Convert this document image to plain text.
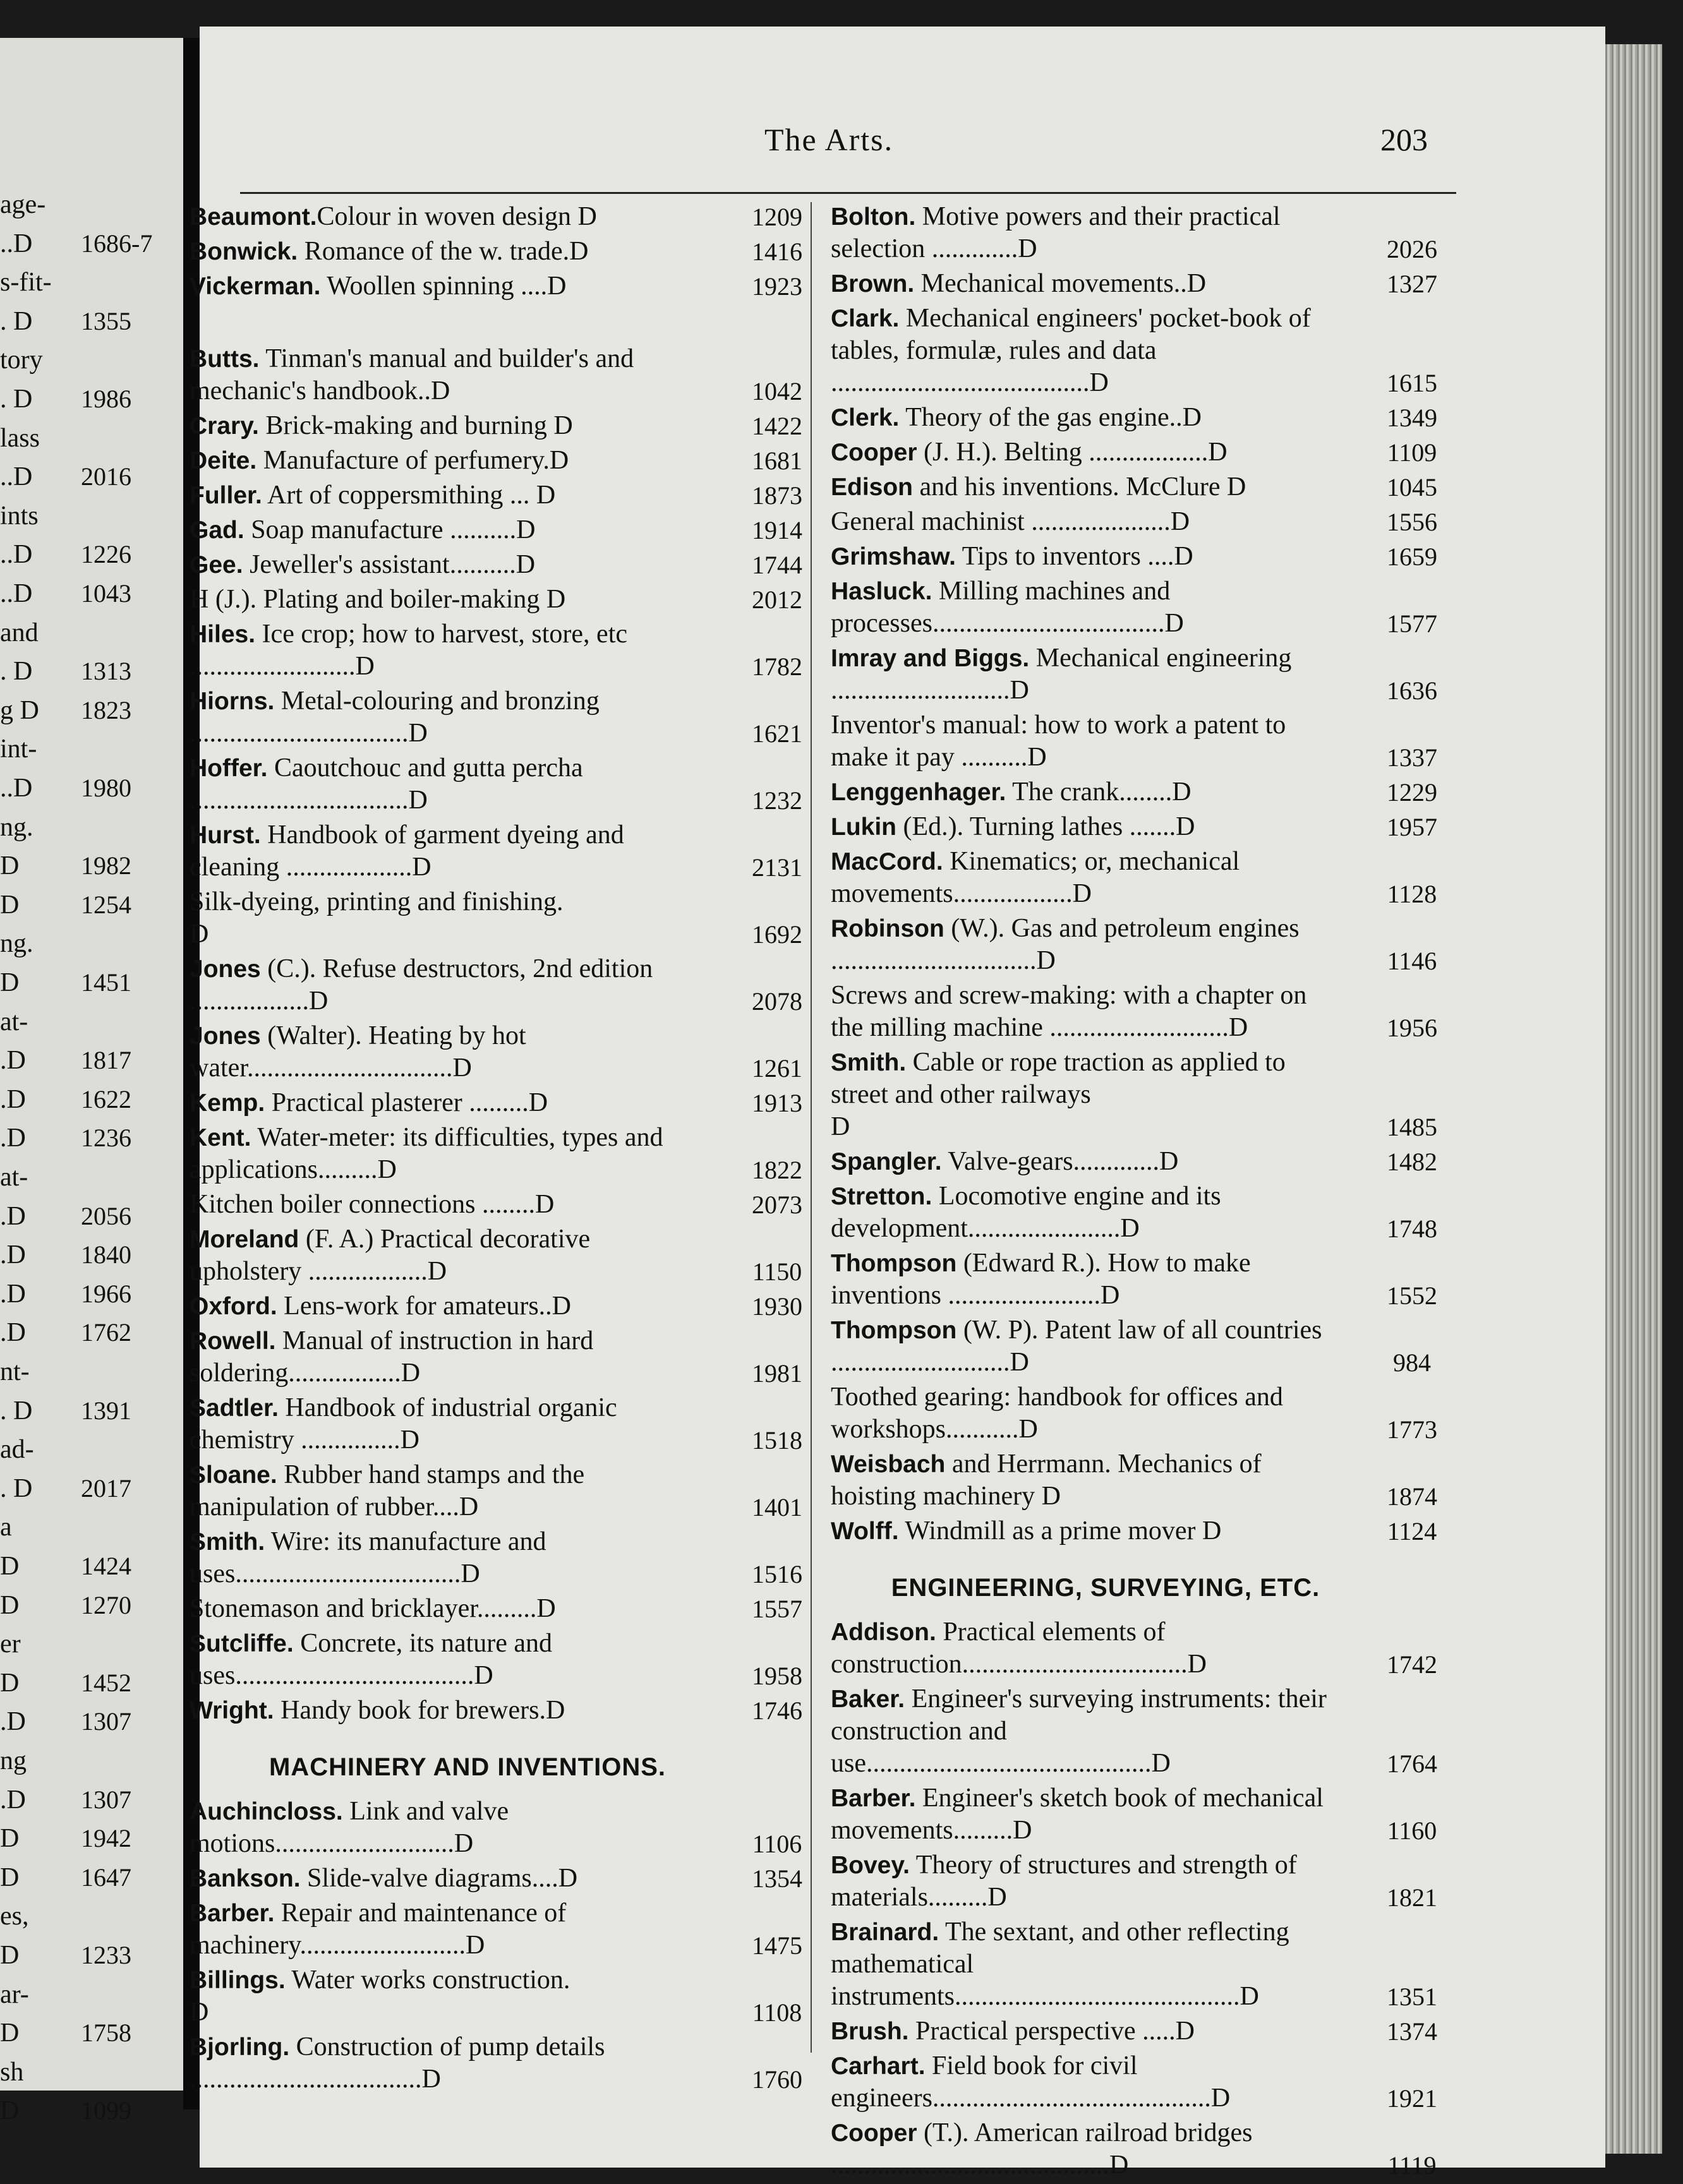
age-
..D 1686-7
s-fit-
. D 1355
tory
. D 1986
lass
..D 2016
ints
..D 1226
..D 1043
and
. D 1313
g D 1823
int-
..D 1980
ng.
D 1982
D 1254
ng.
D 1451
at-
.D 1817
.D 1622
.D 1236
at-
.D 2056
.D 1840
.D 1966
.D 1762
nt-
. D 1391
ad-
. D 2017
a
D 1424
D 1270
er
D 1452
.D 1307
ng
.D 1307
D 1942
D 1647
es,
D 1233
ar-
D 1758
sh
D 1099
The Arts.	203
Beaumont.Colour in woven design D	1209
Bonwick. Romance of the w. trade.D	1416
Vickerman. Woollen spinning ....D	1923
Butts. Tinman's manual and builder's and mechanic's handbook..D	1042
Crary. Brick-making and burning D	1422
Deite. Manufacture of perfumery.D	1681
Fuller. Art of coppersmithing ... D	1873
Gad. Soap manufacture ..........D	1914
Gee. Jeweller's assistant..........D	1744
H (J.). Plating and boiler-making D	2012
Hiles. Ice crop; how to harvest, store, etc .........................D	1782
Hiorns. Metal-colouring and bronzing .................................D	1621
Hoffer. Caoutchouc and gutta percha .................................D	1232
Hurst. Handbook of garment dyeing and cleaning ...................D	2131
Silk-dyeing, printing and finishing.
D	1692
Jones (C.). Refuse destructors, 2nd edition ..................D	2078
Jones (Walter). Heating by hot water...............................D	1261
Kemp. Practical plasterer .........D	1913
Kent. Water-meter: its difficulties, types and applications.........D	1822
Kitchen boiler connections ........D	2073
Moreland (F. A.) Practical decorative upholstery ..................D	1150
Oxford. Lens-work for amateurs..D	1930
Rowell. Manual of instruction in hard soldering.................D	1981
Sadtler. Handbook of industrial organic chemistry ...............D	1518
Sloane. Rubber hand stamps and the manipulation of rubber....D	1401
Smith. Wire: its manufacture and uses..................................D	1516
Stonemason and bricklayer.........D	1557
Sutcliffe. Concrete, its nature and uses....................................D	1958
Wright. Handy book for brewers.D	1746
MACHINERY AND INVENTIONS.
Auchincloss. Link and valve motions...........................D	1106
Bankson. Slide-valve diagrams....D	1354
Barber. Repair and maintenance of machinery.........................D	1475
Billings. Water works construction.
D	1108
Bjorling. Construction of pump details ...................................D	1760
Bolton. Motive powers and their practical selection .............D	2026
Brown. Mechanical movements..D	1327
Clark. Mechanical engineers' pocket-book of tables, formulæ, rules and data .......................................D	1615
Clerk. Theory of the gas engine..D	1349
Cooper (J. H.). Belting ..................D	1109
Edison and his inventions. McClure D	1045
General machinist .....................D	1556
Grimshaw. Tips to inventors ....D	1659
Hasluck. Milling machines and processes...................................D	1577
Imray and Biggs. Mechanical engineering ...........................D	1636
Inventor's manual: how to work a patent to make it pay ..........D	1337
Lenggenhager. The crank........D	1229
Lukin (Ed.). Turning lathes .......D	1957
MacCord. Kinematics; or, mechanical movements..................D	1128
Robinson (W.). Gas and petroleum engines ...............................D	1146
Screws and screw-making: with a chapter on the milling machine ...........................D	1956
Smith. Cable or rope traction as applied to street and other railways
D	1485
Spangler. Valve-gears.............D	1482
Stretton. Locomotive engine and its development.......................D	1748
Thompson (Edward R.). How to make inventions .......................D	1552
Thompson (W. P). Patent law of all countries ...........................D	984
Toothed gearing: handbook for offices and workshops...........D	1773
Weisbach and Herrmann. Mechanics of hoisting machinery D	1874
Wolff. Windmill as a prime mover D	1124
ENGINEERING, SURVEYING, ETC.
Addison. Practical elements of construction..................................D	1742
Baker. Engineer's surveying instruments: their construction and use...........................................D	1764
Barber. Engineer's sketch book of mechanical movements.........D	1160
Bovey. Theory of structures and strength of materials.........D	1821
Brainard. The sextant, and other reflecting mathematical instruments...........................................D	1351
Brush. Practical perspective .....D	1374
Carhart. Field book for civil engineers..........................................D	1921
Cooper (T.). American railroad bridges ..........................................D	1119
